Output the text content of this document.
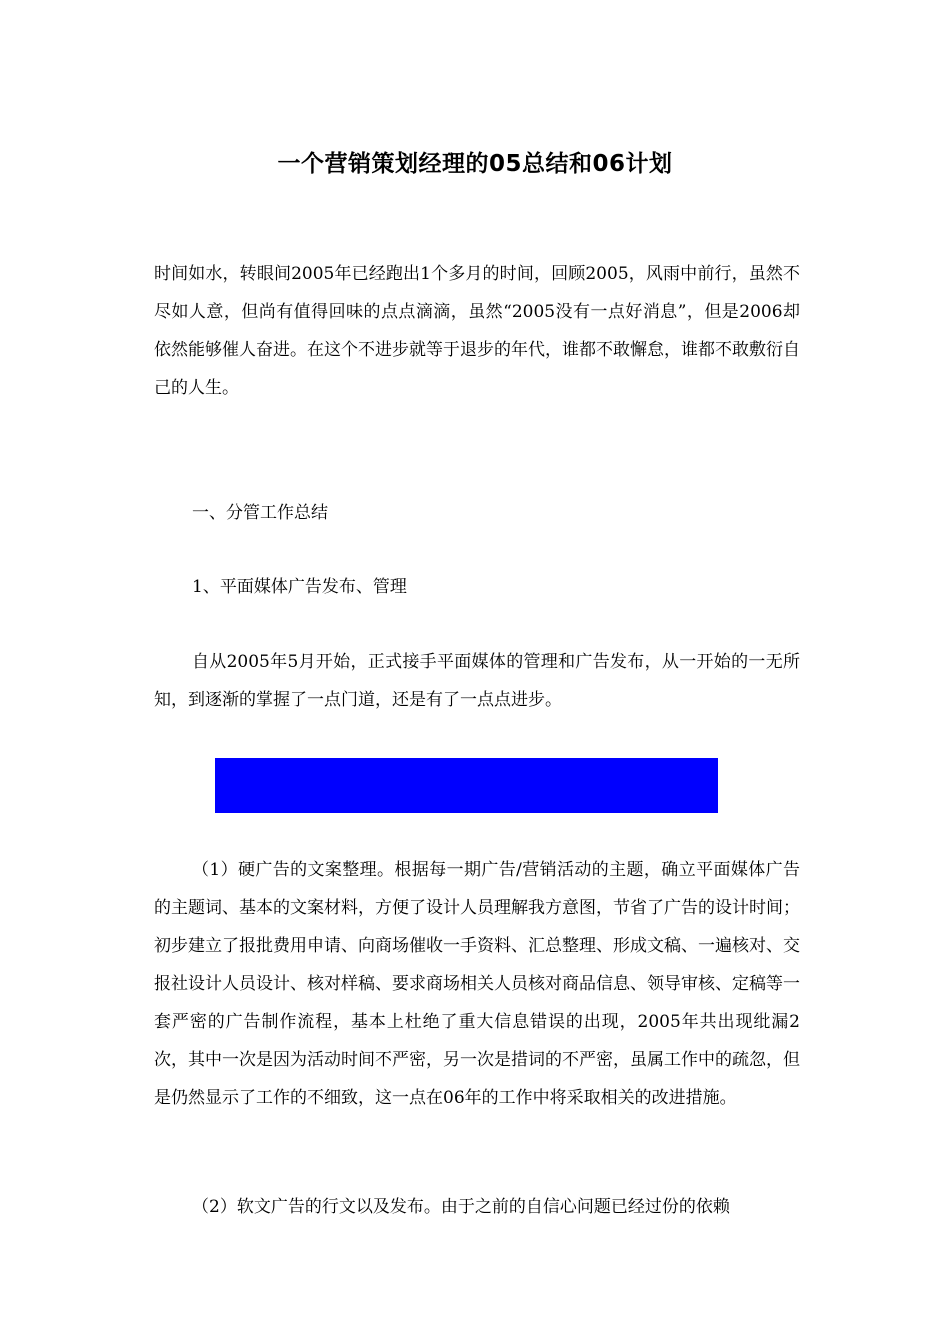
一个营销策划经理的05总结和06计划

时间如水，转眼间2005年已经跑出1个多月的时间，回顾2005，风雨中前行，虽然不尽如人意，但尚有值得回味的点点滴滴，虽然“2005没有一点好消息”，但是2006却依然能够催人奋进。在这个不进步就等于退步的年代，谁都不敢懈怠，谁都不敢敷衍自己的人生。

一、分管工作总结
1、平面媒体广告发布、管理

自从2005年5月开始，正式接手平面媒体的管理和广告发布，从一开始的一无所知，到逐渐的掌握了一点门道，还是有了一点点进步。

（1）硬广告的文案整理。根据每一期广告/营销活动的主题，确立平面媒体广告的主题词、基本的文案材料，方便了设计人员理解我方意图，节省了广告的设计时间；初步建立了报批费用申请、向商场催收一手资料、汇总整理、形成文稿、一遍核对、交报社设计人员设计、核对样稿、要求商场相关人员核对商品信息、领导审核、定稿等一套严密的广告制作流程，基本上杜绝了重大信息错误的出现，2005年共出现纰漏2次，其中一次是因为活动时间不严密，另一次是措词的不严密，虽属工作中的疏忽，但是仍然显示了工作的不细致，这一点在06年的工作中将采取相关的改进措施。

（2）软文广告的行文以及发布。由于之前的自信心问题已经过份的依赖
